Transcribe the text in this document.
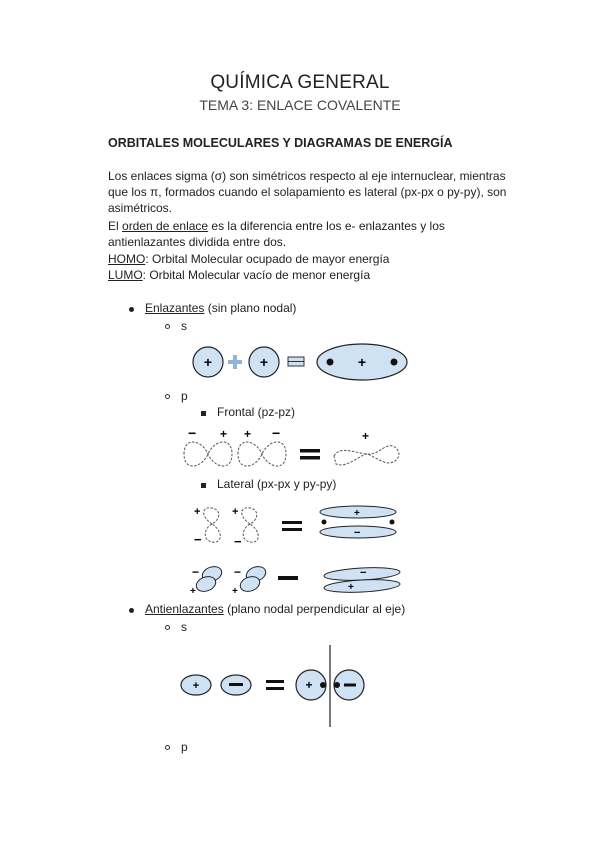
QUÍMICA GENERAL
TEMA 3: ENLACE COVALENTE
ORBITALES MOLECULARES Y DIAGRAMAS DE ENERGÍA
Los enlaces sigma (σ) son simétricos respecto al eje internuclear, mientras
que los π, formados cuando el solapamiento es lateral (px-px o py-py), son
asimétricos.
El orden de enlace es la diferencia entre los e- enlazantes y los
antienlazantes dividida entre dos.
HOMO: Orbital Molecular ocupado de mayor energía
LUMO: Orbital Molecular vacío de menor energía
Enlazantes (sin plano nodal)
s
+	+	+
p
Frontal (pz-pz)
− + + −	+
Lateral (px-px y py-py)
+
−
+
−
+
−
−
+
−
+
−
+
Antienlazantes (plano nodal perpendicular al eje)
s
+	+
p
